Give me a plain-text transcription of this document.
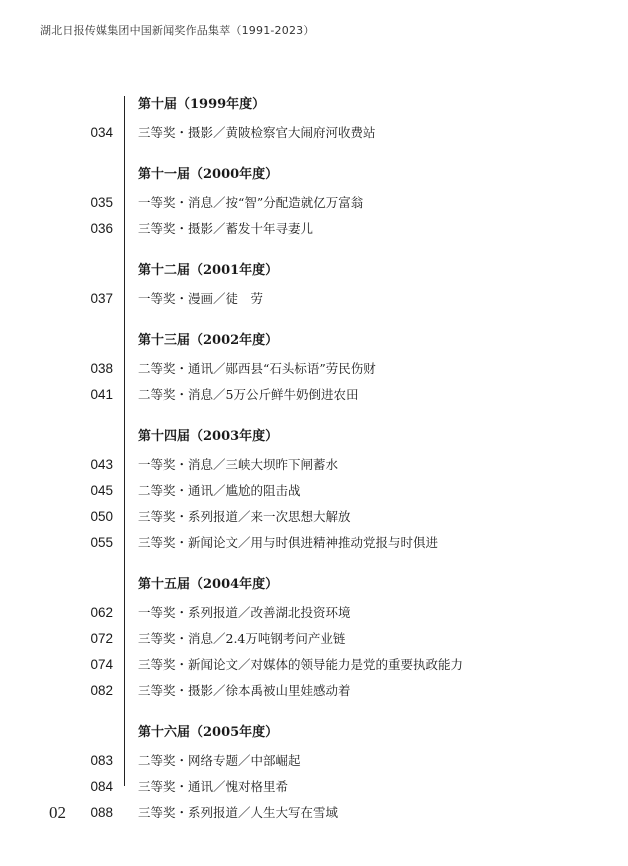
湖北日报传媒集团中国新闻奖作品集萃（1991-2023）
第十届（1999年度）
034 三等奖・摄影／黄陂检察官大闹府河收费站
第十一届（2000年度）
035 一等奖・消息／按“智”分配造就亿万富翁
036 三等奖・摄影／蓄发十年寻妻儿
第十二届（2001年度）
037 一等奖・漫画／徒　劳
第十三届（2002年度）
038 二等奖・通讯／郧西县“石头标语”劳民伤财
041 二等奖・消息／5万公斤鲜牛奶倒进农田
第十四届（2003年度）
043 一等奖・消息／三峡大坝昨下闸蓄水
045 二等奖・通讯／尴尬的阻击战
050 三等奖・系列报道／来一次思想大解放
055 三等奖・新闻论文／用与时俱进精神推动党报与时俱进
第十五届（2004年度）
062 一等奖・系列报道／改善湖北投资环境
072 三等奖・消息／2.4万吨钢考问产业链
074 三等奖・新闻论文／对媒体的领导能力是党的重要执政能力
082 三等奖・摄影／徐本禹被山里娃感动着
第十六届（2005年度）
083 二等奖・网络专题／中部崛起
084 三等奖・通讯／愧对格里希
088 三等奖・系列报道／人生大写在雪域
02
